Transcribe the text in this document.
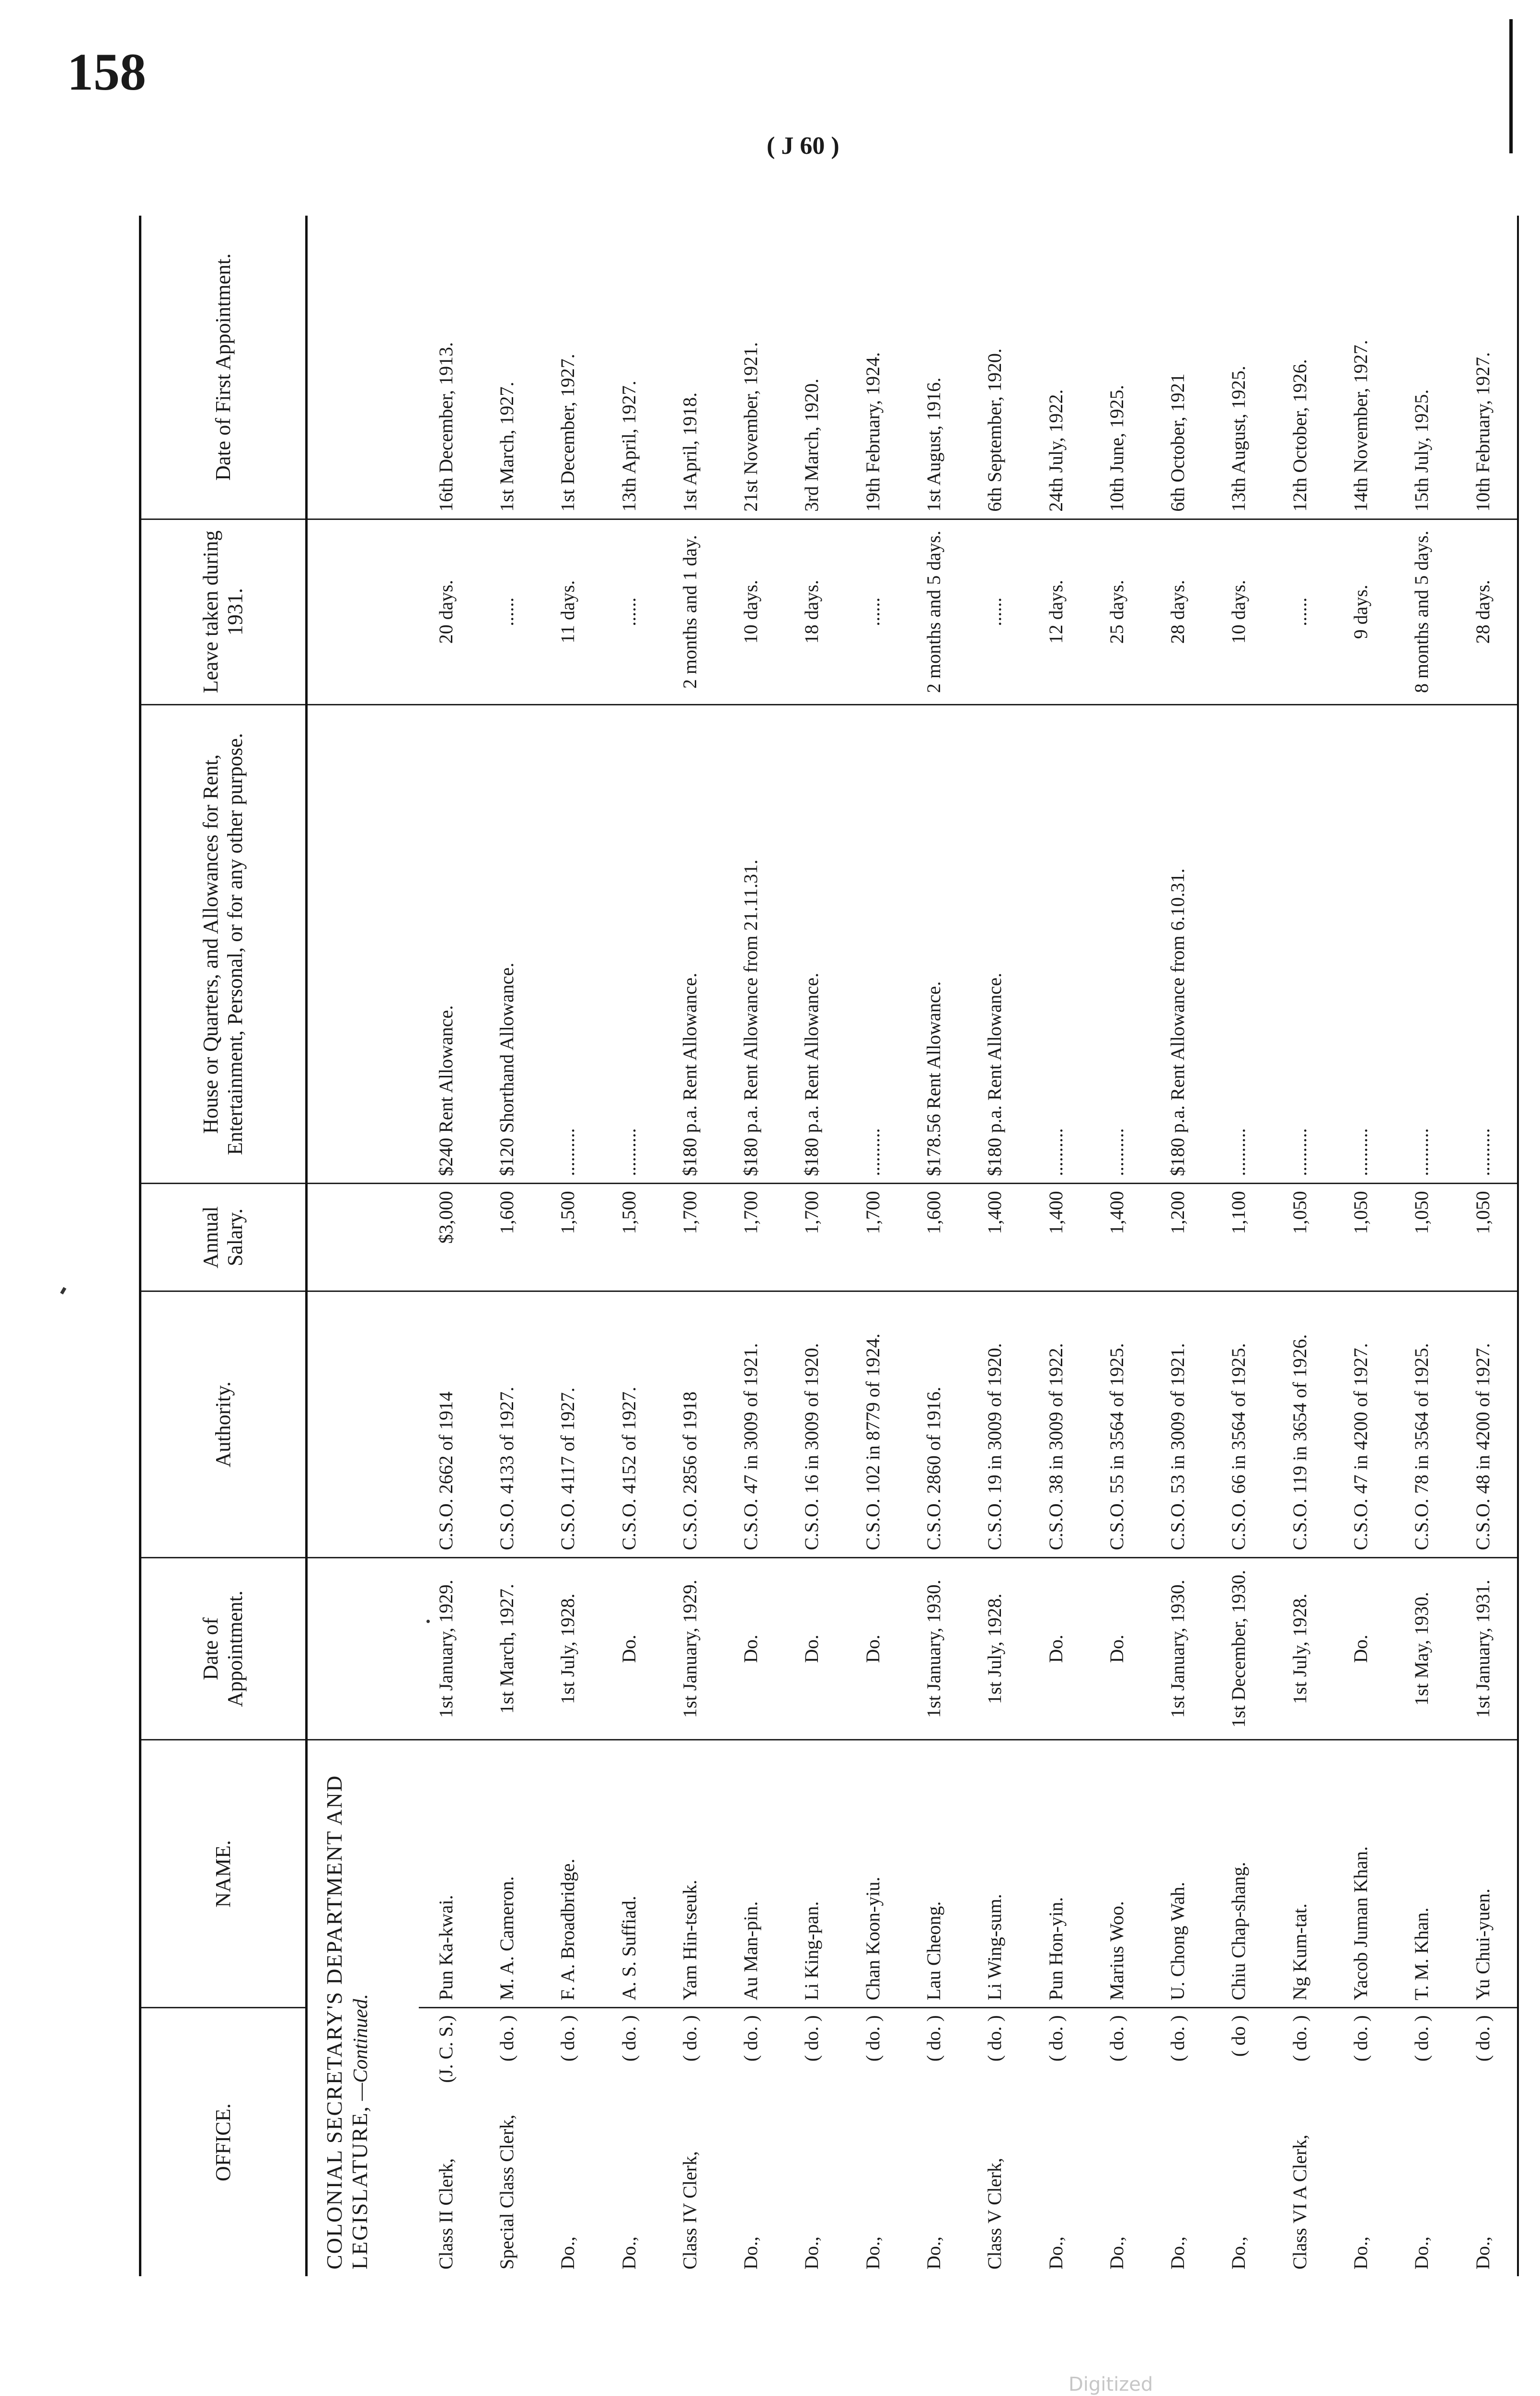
158
( J 60 )
OFFICE.	NAME.	Date of Appointment.	Authority.	Annual Salary.	House or Quarters, and Allowances for Rent, Entertainment, Personal, or for any other purpose.	Leave taken during 1931.	Date of First Appointment.
COLONIAL SECRETARY'S DEPARTMENT AND LEGISLATURE, —Continued.							

Class II Clerk,
(J. C. S.)	Pun Ka-kwai.	1st January, 1929.	C.S.O. 2662 of 1914	$3,000	$240 Rent Allowance.	20 days.	16th December, 1913.

Special Class Clerk,
( do. )	M. A. Cameron.	1st March, 1927.	C.S.O. 4133 of 1927.	1,600	$120 Shorthand Allowance.	......	1st March, 1927.

Do.,
( do. )	F. A. Broadbridge.	1st July, 1928.	C.S.O. 4117 of 1927.	1,500	..........	11 days.	1st December, 1927.

Do.,
( do. )	A. S. Suffiad.	Do.	C.S.O. 4152 of 1927.	1,500	..........	......	13th April, 1927.

Class IV Clerk,
( do. )	Yam Hin-tseuk.	1st January, 1929.	C.S.O. 2856 of 1918	1,700	$180 p.a. Rent Allowance.	2 months and 1 day.	1st April, 1918.

Do.,
( do. )	Au Man-pin.	Do.	C.S.O. 47 in 3009 of 1921.	1,700	$180 p.a. Rent Allowance from 21.11.31.	10 days.	21st November, 1921.

Do.,
( do. )	Li King-pan.	Do.	C.S.O. 16 in 3009 of 1920.	1,700	$180 p.a. Rent Allowance.	18 days.	3rd March, 1920.

Do.,
( do. )	Chan Koon-yiu.	Do.	C.S.O. 102 in 8779 of 1924.	1,700	..........	......	19th February, 1924.

Do.,
( do. )	Lau Cheong.	1st January, 1930.	C.S.O. 2860 of 1916.	1,600	$178.56 Rent Allowance.	2 months and 5 days.	1st August, 1916.

Class V Clerk,
( do. )	Li Wing-sum.	1st July, 1928.	C.S.O. 19 in 3009 of 1920.	1,400	$180 p.a. Rent Allowance.	......	6th September, 1920.

Do.,
( do. )	Pun Hon-yin.	Do.	C.S.O. 38 in 3009 of 1922.	1,400	..........	12 days.	24th July, 1922.

Do.,
( do. )	Marius Woo.	Do.	C.S.O. 55 in 3564 of 1925.	1,400	..........	25 days.	10th June, 1925.

Do.,
( do. )	U. Chong Wah.	1st January, 1930.	C.S.O. 53 in 3009 of 1921.	1,200	$180 p.a. Rent Allowance from 6.10.31.	28 days.	6th October, 1921

Do.,
( do )	Chiu Chap-shang.	1st December, 1930.	C.S.O. 66 in 3564 of 1925.	1,100	..........	10 days.	13th August, 1925.

Class VI A Clerk,
( do. )	Ng Kum-tat.	1st July, 1928.	C.S.O. 119 in 3654 of 1926.	1,050	..........	......	12th October, 1926.

Do.,
( do. )	Yacob Juman Khan.	Do.	C.S.O. 47 in 4200 of 1927.	1,050	..........	9 days.	14th November, 1927.

Do.,
( do. )	T. M. Khan.	1st May, 1930.	C.S.O. 78 in 3564 of 1925.	1,050	..........	8 months and 5 days.	15th July, 1925.

Do.,
( do. )	Yu Chui-yuen.	1st January, 1931.	C.S.O. 48 in 4200 of 1927.	1,050	..........	28 days.	10th February, 1927.
Digitized
